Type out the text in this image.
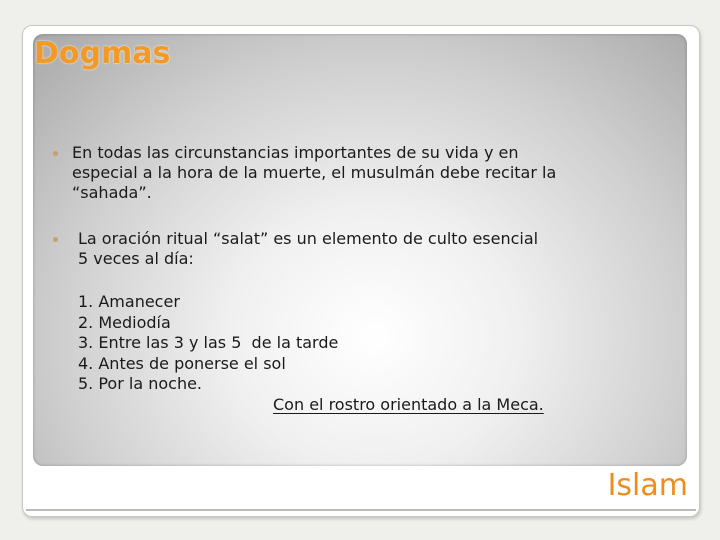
Dogmas
En todas las circunstancias importantes de su vida y en
especial a la hora de la muerte, el musulmán debe recitar la
“sahada”.
La oración ritual “salat” es un elemento de culto esencial
5 veces al día:
1. Amanecer
2. Mediodía
3. Entre las 3 y las 5  de la tarde
4. Antes de ponerse el sol
5. Por la noche.
Con el rostro orientado a la Meca.
Islam
